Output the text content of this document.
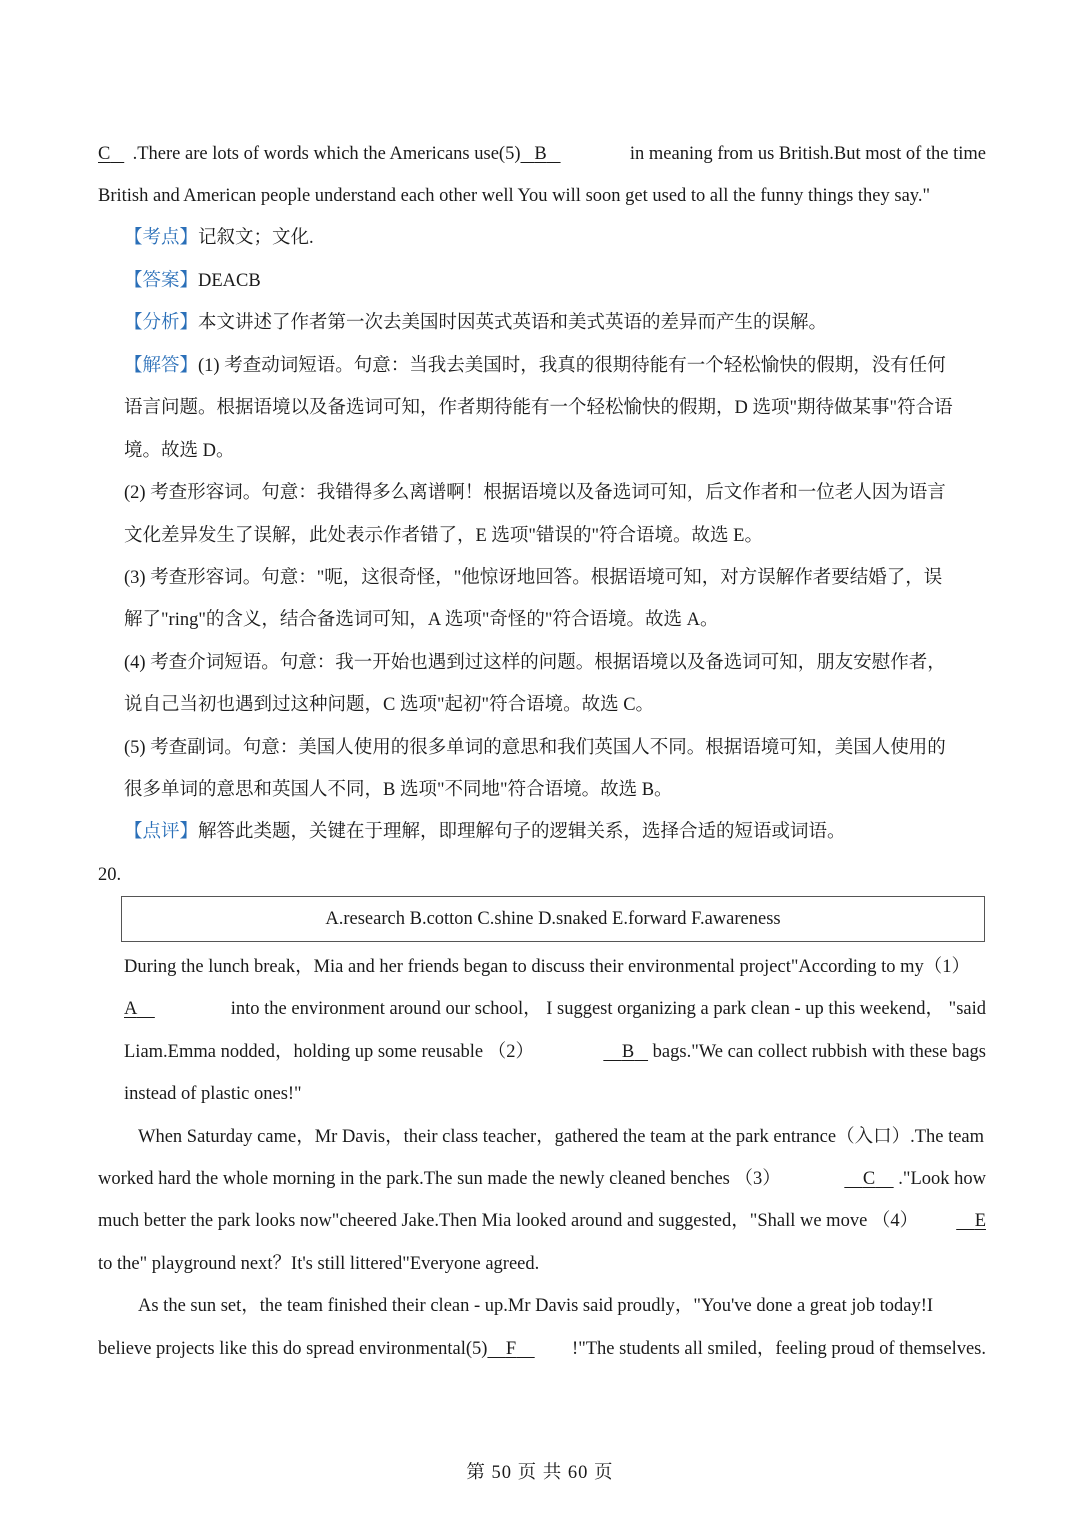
C    .There are lots of words which the Americans use(5) B	in meaning from us British.But most of the time
British and American people understand each other well You will soon get used to all the funny things they say."
【考点】记叙文；文化.
【答案】DEACB
【分析】本文讲述了作者第一次去美国时因英式英语和美式英语的差异而产生的误解。
【解答】(1) 考查动词短语。句意：当我去美国时，我真的很期待能有一个轻松愉快的假期，没有任何
语言问题。根据语境以及备选词可知，作者期待能有一个轻松愉快的假期，D 选项"期待做某事"符合语
境。故选 D。
(2) 考查形容词。句意：我错得多么离谱啊！根据语境以及备选词可知，后文作者和一位老人因为语言
文化差异发生了误解，此处表示作者错了，E 选项"错误的"符合语境。故选 E。
(3) 考查形容词。句意："呃，这很奇怪，"他惊讶地回答。根据语境可知，对方误解作者要结婚了，误
解了"ring"的含义，结合备选词可知，A 选项"奇怪的"符合语境。故选 A。
(4) 考查介词短语。句意：我一开始也遇到过这样的问题。根据语境以及备选词可知，朋友安慰作者，
说自己当初也遇到过这种问题，C 选项"起初"符合语境。故选 C。
(5) 考查副词。句意：美国人使用的很多单词的意思和我们英国人不同。根据语境可知，美国人使用的
很多单词的意思和英国人不同，B 选项"不同地"符合语境。故选 B。
【点评】解答此类题，关键在于理解，即理解句子的逻辑关系，选择合适的短语或词语。
20.
A.research B.cotton C.shine D.snaked E.forward F.awareness
During the lunch break，Mia and her friends began to discuss their environmental project"According to my（1）
A	into the environment around our school， I suggest organizing a park clean - up this weekend， "said
Liam.Emma nodded，holding up some reusable （2）	B    bags."We can collect rubbish with these bags
instead of plastic ones!"
When Saturday came，Mr Davis，their class teacher，gathered the team at the park entrance（入口）.The team
worked hard the whole morning in the park.The sun made the newly cleaned benches （3）	C     ."Look how
much better the park looks now"cheered Jake.Then Mia looked around and suggested，"Shall we move （4）	E
to the" playground next？It's still littered"Everyone agreed.
As the sun set，the team finished their clean - up.Mr Davis said proudly，"You've done a great job today!I
believe projects like this do spread environmental(5) F	!"The students all smiled，feeling proud of themselves.
第 50 页 共 60 页
